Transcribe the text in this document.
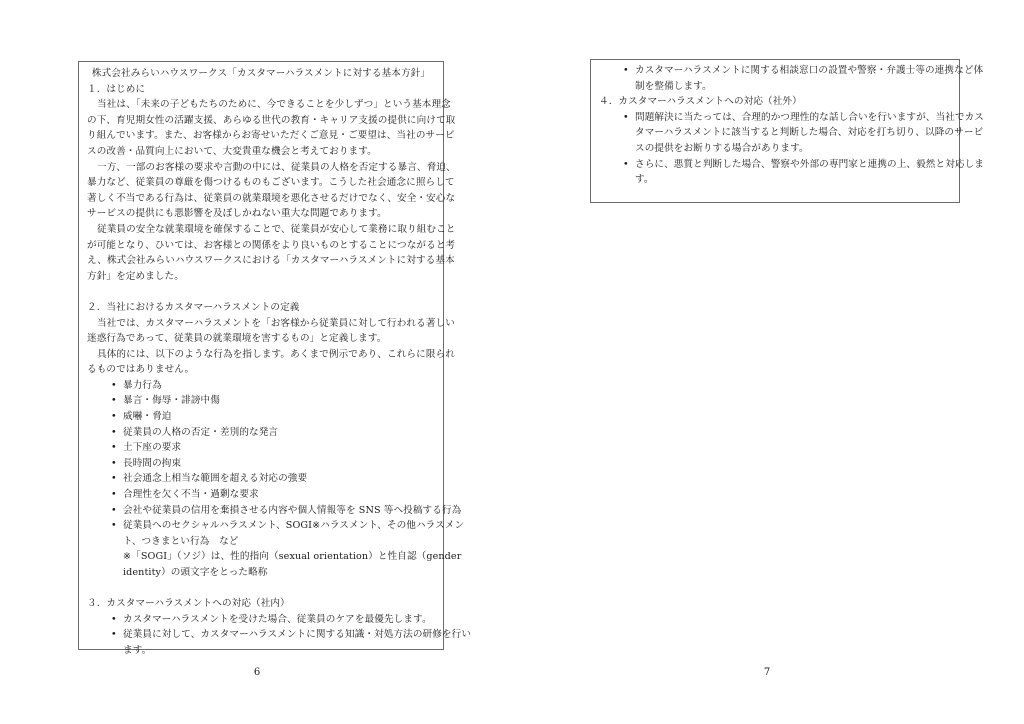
株式会社みらいハウスワークス「カスタマーハラスメントに対する基本方針」
１．はじめに
当社は、「未来の子どもたちのために、今できることを少しずつ」という基本理念
の下、育児期女性の活躍支援、あらゆる世代の教育・キャリア支援の提供に向けて取
り組んでいます。また、お客様からお寄せいただくご意見・ご要望は、当社のサービ
スの改善・品質向上において、大変貴重な機会と考えております。
一方、一部のお客様の要求や言動の中には、従業員の人格を否定する暴言、脅迫、
暴力など、従業員の尊厳を傷つけるものもございます。こうした社会通念に照らして
著しく不当である行為は、従業員の就業環境を悪化させるだけでなく、安全・安心な
サービスの提供にも悪影響を及ぼしかねない重大な問題であります。
従業員の安全な就業環境を確保することで、従業員が安心して業務に取り組むこと
が可能となり、ひいては、お客様との関係をより良いものとすることにつながると考
え、株式会社みらいハウスワークスにおける「カスタマーハラスメントに対する基本
方針」を定めました。
２．当社におけるカスタマーハラスメントの定義
当社では、カスタマーハラスメントを「お客様から従業員に対して行われる著しい
迷惑行為であって、従業員の就業環境を害するもの」と定義します。
具体的には、以下のような行為を指します。あくまで例示であり、これらに限られ
るものではありません。
• 暴力行為
• 暴言・侮辱・誹謗中傷
• 威嚇・脅迫
• 従業員の人格の否定・差別的な発言
• 土下座の要求
• 長時間の拘束
• 社会通念上相当な範囲を超える対応の強要
• 合理性を欠く不当・過剰な要求
• 会社や従業員の信用を棄損させる内容や個人情報等を SNS 等へ投稿する行為
• 従業員へのセクシャルハラスメント、SOGI※ハラスメント、その他ハラスメン
ト、つきまとい行為　など
※「SOGI」（ソジ）は、性的指向（sexual orientation）と性自認（gender
identity）の頭文字をとった略称
３．カスタマーハラスメントへの対応（社内）
• カスタマーハラスメントを受けた場合、従業員のケアを最優先します。
• 従業員に対して、カスタマーハラスメントに関する知識・対処方法の研修を行い
ます。
6
• カスタマーハラスメントに関する相談窓口の設置や警察・弁護士等の連携など体
制を整備します。
４．カスタマーハラスメントへの対応（社外）
• 問題解決に当たっては、合理的かつ理性的な話し合いを行いますが、当社でカス
タマーハラスメントに該当すると判断した場合、対応を打ち切り、以降のサービ
スの提供をお断りする場合があります。
• さらに、悪質と判断した場合、警察や外部の専門家と連携の上、毅然と対応しま
す。
7
